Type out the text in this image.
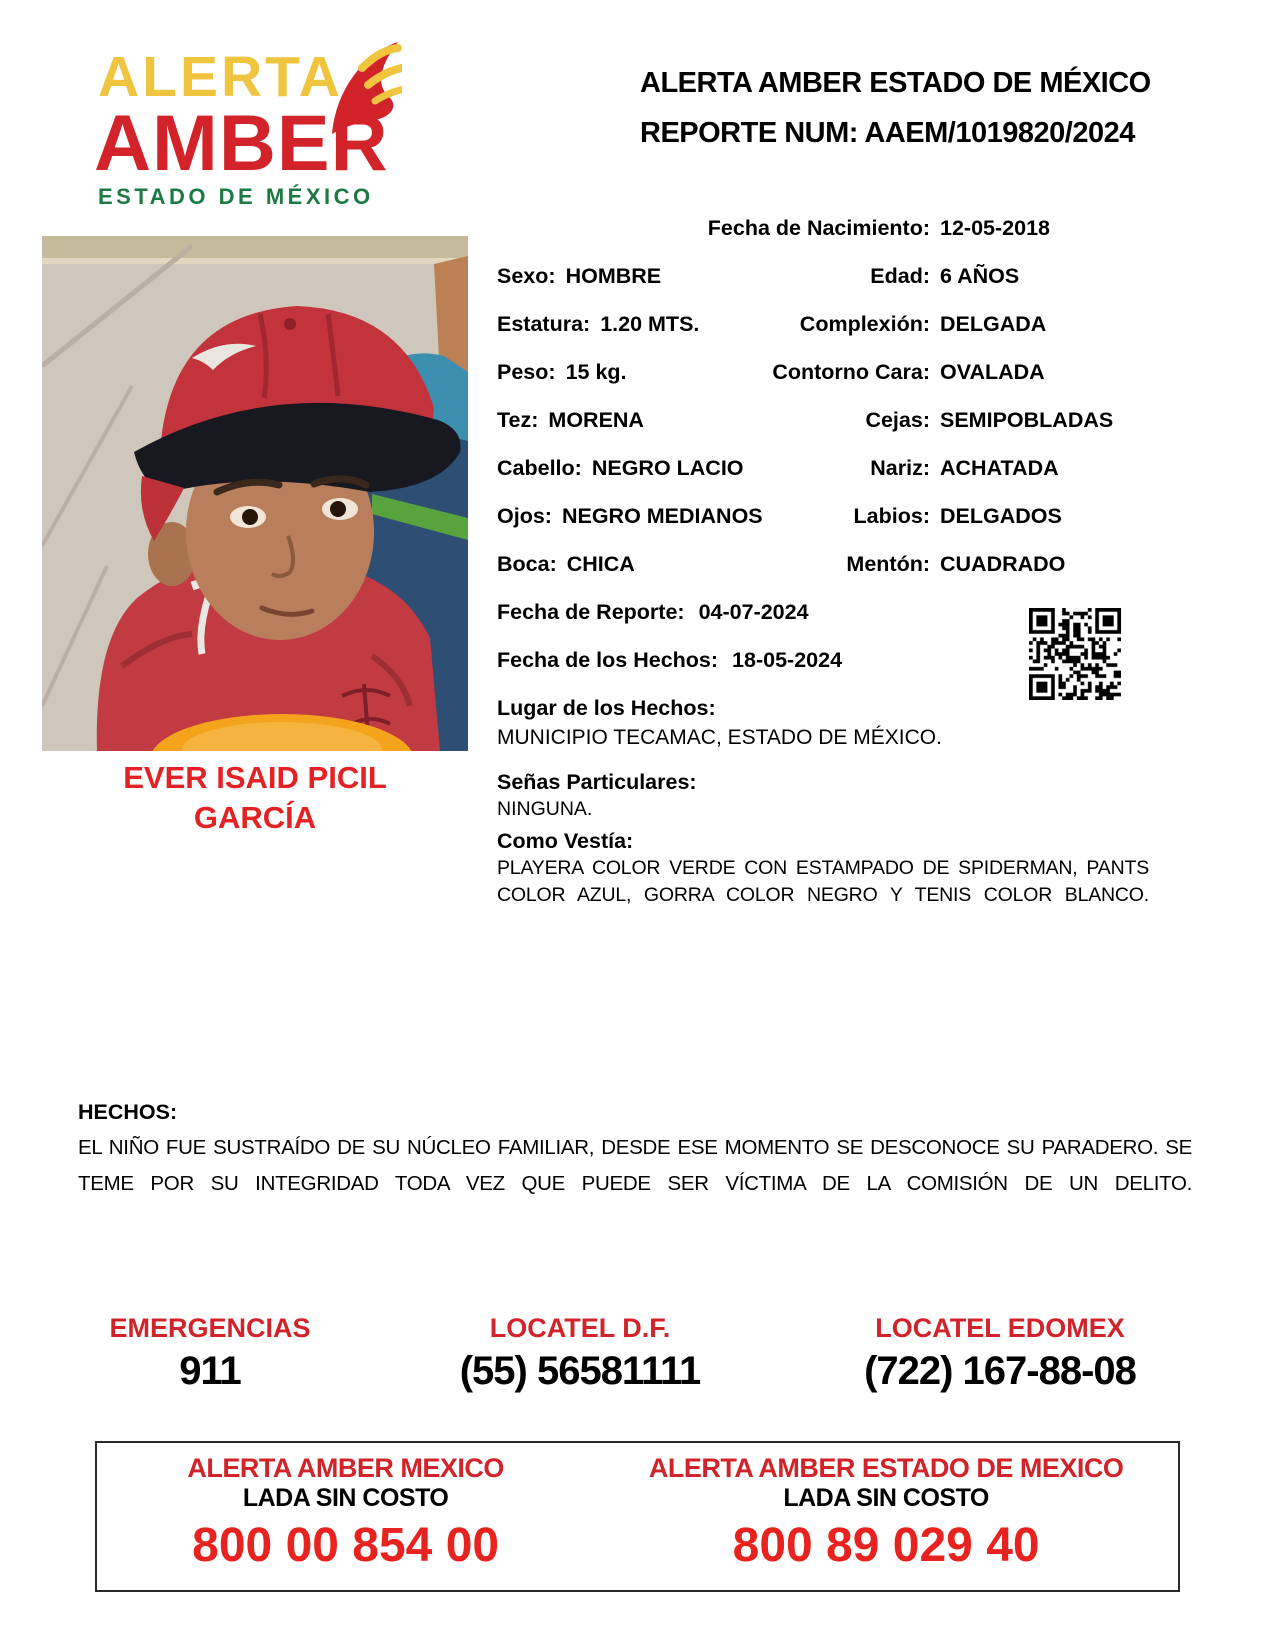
ALERTA
AMBER
ESTADO DE MÉXICO
ALERTA AMBER ESTADO DE MÉXICO
REPORTE NUM: AAEM/1019820/2024
EVER ISAID PICIL
GARCÍA
Fecha de Nacimiento: 12-05-2018
Sexo: HOMBRE	Edad: 6 AÑOS
Estatura: 1.20 MTS.	Complexión: DELGADA
Peso: 15 kg.	Contorno Cara: OVALADA
Tez: MORENA	Cejas: SEMIPOBLADAS
Cabello: NEGRO LACIO	Nariz: ACHATADA
Ojos: NEGRO MEDIANOS	Labios: DELGADOS
Boca: CHICA	Mentón: CUADRADO
Fecha de Reporte: 04-07-2024
Fecha de los Hechos: 18-05-2024
Lugar de los Hechos:
MUNICIPIO TECAMAC, ESTADO DE MÉXICO.
Señas Particulares:
NINGUNA.
Como Vestía:
PLAYERA COLOR VERDE CON ESTAMPADO DE SPIDERMAN, PANTS COLOR AZUL, GORRA COLOR NEGRO Y TENIS COLOR BLANCO.
HECHOS:
EL NIÑO FUE SUSTRAÍDO DE SU NÚCLEO FAMILIAR, DESDE ESE MOMENTO SE DESCONOCE SU PARADERO. SE TEME POR SU INTEGRIDAD TODA VEZ QUE PUEDE SER VÍCTIMA DE LA COMISIÓN DE UN DELITO.
EMERGENCIAS
911
LOCATEL D.F.
(55) 56581111
LOCATEL EDOMEX
(722) 167-88-08
ALERTA AMBER MEXICO
LADA SIN COSTO
800 00 854 00
ALERTA AMBER ESTADO DE MEXICO
LADA SIN COSTO
800 89 029 40
